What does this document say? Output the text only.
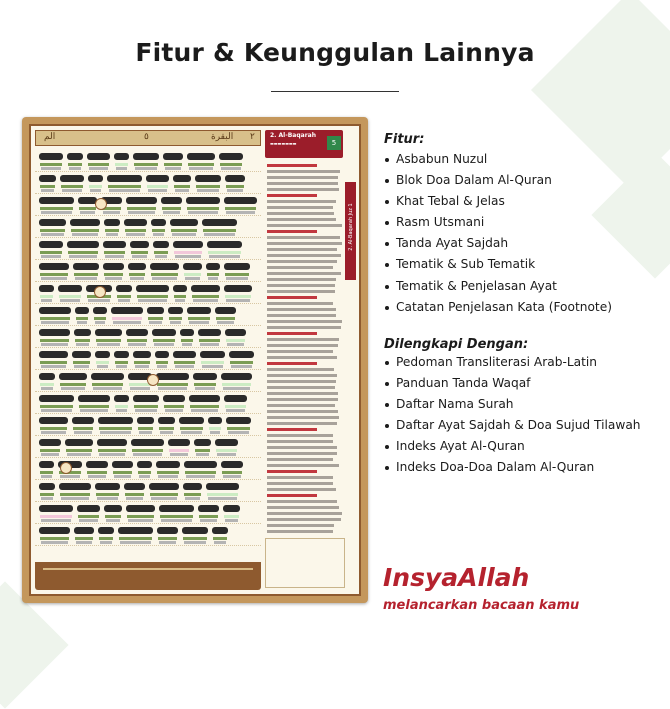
Fitur & Keunggulan Lainnya
الم	٥	البقرة ٢	2. Al-Baqarah
▬▬▬▬▬▬▬	5
2. Al-Baqarah Juz 1
Fitur:
Asbabun Nuzul
Blok Doa Dalam Al-Quran
Khat Tebal & Jelas
Rasm Utsmani
Tanda Ayat Sajdah
Tematik & Sub Tematik
Tematik & Penjelasan Ayat
Catatan Penjelasan Kata (Footnote)
Dilengkapi Dengan:
Pedoman Transliterasi Arab-Latin
Panduan Tanda Waqaf
Daftar Nama Surah
Daftar Ayat Sajdah & Doa Sujud Tilawah
Indeks Ayat Al-Quran
Indeks Doa-Doa Dalam Al-Quran
InsyaAllah
melancarkan bacaan kamu
